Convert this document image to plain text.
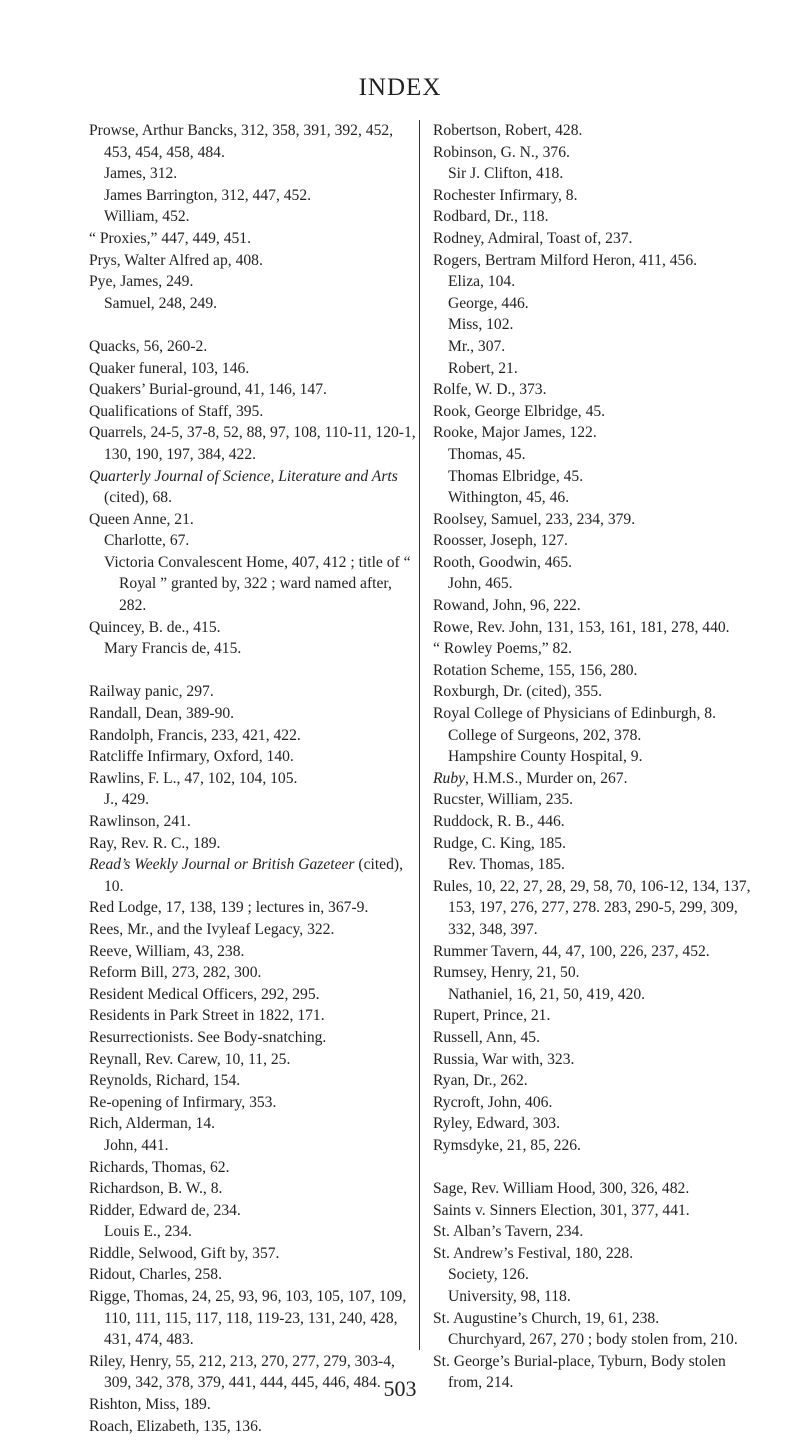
INDEX
Prowse, Arthur Bancks, 312, 358, 391, 392, 452, 453, 454, 458, 484.
James, 312.
James Barrington, 312, 447, 452.
William, 452.
“ Proxies,” 447, 449, 451.
Prys, Walter Alfred ap, 408.
Pye, James, 249.
Samuel, 248, 249.
Quacks, 56, 260-2.
Quaker funeral, 103, 146.
Quakers’ Burial-ground, 41, 146, 147.
Qualifications of Staff, 395.
Quarrels, 24-5, 37-8, 52, 88, 97, 108, 110-11, 120-1, 130, 190, 197, 384, 422.
Quarterly Journal of Science, Literature and Arts (cited), 68.
Queen Anne, 21.
Charlotte, 67.
Victoria Convalescent Home, 407, 412 ; title of “ Royal ” granted by, 322 ; ward named after, 282.
Quincey, B. de., 415.
Mary Francis de, 415.
Railway panic, 297.
Randall, Dean, 389-90.
Randolph, Francis, 233, 421, 422.
Ratcliffe Infirmary, Oxford, 140.
Rawlins, F. L., 47, 102, 104, 105.
J., 429.
Rawlinson, 241.
Ray, Rev. R. C., 189.
Read’s Weekly Journal or British Gazeteer (cited), 10.
Red Lodge, 17, 138, 139 ; lectures in, 367-9.
Rees, Mr., and the Ivyleaf Legacy, 322.
Reeve, William, 43, 238.
Reform Bill, 273, 282, 300.
Resident Medical Officers, 292, 295.
Residents in Park Street in 1822, 171.
Resurrectionists. See Body-snatching.
Reynall, Rev. Carew, 10, 11, 25.
Reynolds, Richard, 154.
Re-opening of Infirmary, 353.
Rich, Alderman, 14.
John, 441.
Richards, Thomas, 62.
Richardson, B. W., 8.
Ridder, Edward de, 234.
Louis E., 234.
Riddle, Selwood, Gift by, 357.
Ridout, Charles, 258.
Rigge, Thomas, 24, 25, 93, 96, 103, 105, 107, 109, 110, 111, 115, 117, 118, 119-23, 131, 240, 428, 431, 474, 483.
Riley, Henry, 55, 212, 213, 270, 277, 279, 303-4, 309, 342, 378, 379, 441, 444, 445, 446, 484.
Rishton, Miss, 189.
Roach, Elizabeth, 135, 136.
Robertson, Robert, 428.
Robinson, G. N., 376.
Sir J. Clifton, 418.
Rochester Infirmary, 8.
Rodbard, Dr., 118.
Rodney, Admiral, Toast of, 237.
Rogers, Bertram Milford Heron, 411, 456.
Eliza, 104.
George, 446.
Miss, 102.
Mr., 307.
Robert, 21.
Rolfe, W. D., 373.
Rook, George Elbridge, 45.
Rooke, Major James, 122.
Thomas, 45.
Thomas Elbridge, 45.
Withington, 45, 46.
Roolsey, Samuel, 233, 234, 379.
Roosser, Joseph, 127.
Rooth, Goodwin, 465.
John, 465.
Rowand, John, 96, 222.
Rowe, Rev. John, 131, 153, 161, 181, 278, 440.
“ Rowley Poems,” 82.
Rotation Scheme, 155, 156, 280.
Roxburgh, Dr. (cited), 355.
Royal College of Physicians of Edinburgh, 8.
College of Surgeons, 202, 378.
Hampshire County Hospital, 9.
Ruby, H.M.S., Murder on, 267.
Rucster, William, 235.
Ruddock, R. B., 446.
Rudge, C. King, 185.
Rev. Thomas, 185.
Rules, 10, 22, 27, 28, 29, 58, 70, 106-12, 134, 137, 153, 197, 276, 277, 278. 283, 290-5, 299, 309, 332, 348, 397.
Rummer Tavern, 44, 47, 100, 226, 237, 452.
Rumsey, Henry, 21, 50.
Nathaniel, 16, 21, 50, 419, 420.
Rupert, Prince, 21.
Russell, Ann, 45.
Russia, War with, 323.
Ryan, Dr., 262.
Rycroft, John, 406.
Ryley, Edward, 303.
Rymsdyke, 21, 85, 226.
Sage, Rev. William Hood, 300, 326, 482.
Saints v. Sinners Election, 301, 377, 441.
St. Alban’s Tavern, 234.
St. Andrew’s Festival, 180, 228.
Society, 126.
University, 98, 118.
St. Augustine’s Church, 19, 61, 238.
Churchyard, 267, 270 ; body stolen from, 210.
St. George’s Burial-place, Tyburn, Body stolen from, 214.
503
